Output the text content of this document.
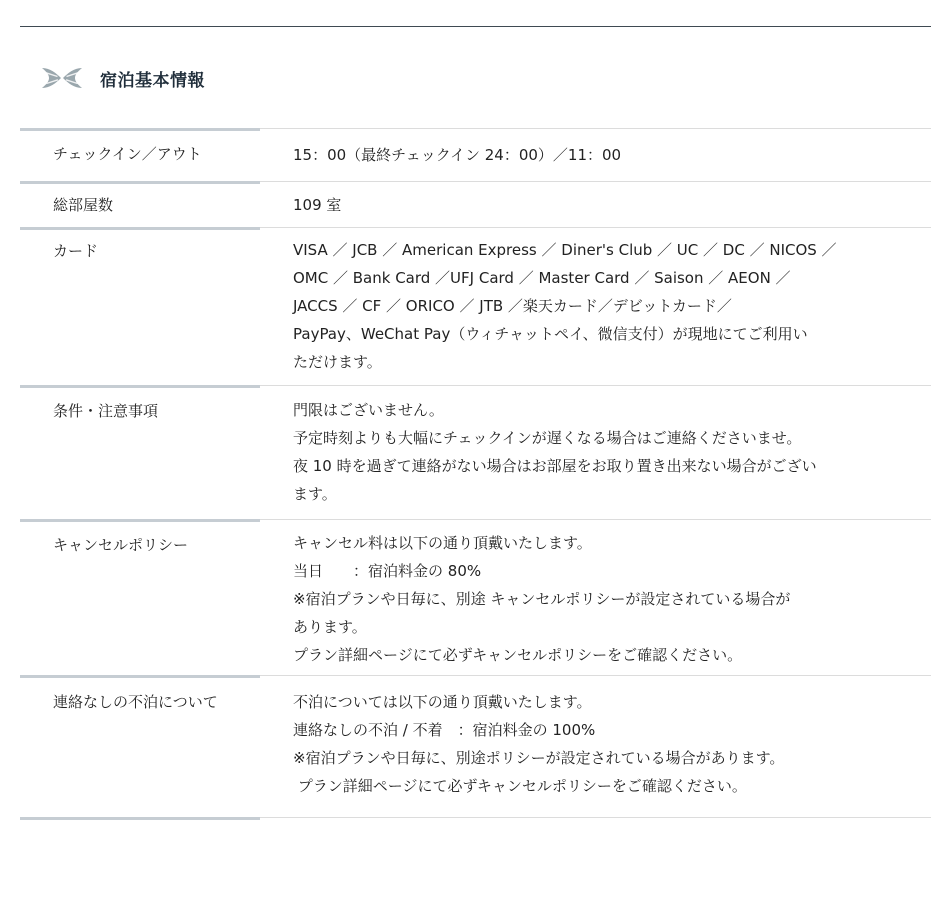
宿泊基本情報
チェックイン／アウト	15：00（最終チェックイン 24：00）／11：00
総部屋数	109 室
カード	VISA ／ JCB ／ American Express ／ Diner's Club ／ UC ／ DC ／ NICOS ／
OMC ／ Bank Card ／UFJ Card ／ Master Card ／ Saison ／ AEON ／
JACCS ／ CF ／ ORICO ／ JTB ／楽天カード／デビットカード／
PayPay、WeChat Pay（ウィチャットペイ、微信支付）が現地にてご利用い
ただけます。
条件・注意事項	門限はございません。
予定時刻よりも大幅にチェックインが遅くなる場合はご連絡くださいませ。
夜 10 時を過ぎて連絡がない場合はお部屋をお取り置き出来ない場合がござい
ます。
キャンセルポリシー	キャンセル料は以下の通り頂戴いたします。
当日　　：宿泊料金の 80%
※宿泊プランや日毎に、別途 キャンセルポリシーが設定されている場合が
あります。
プラン詳細ページにて必ずキャンセルポリシーをご確認ください。
連絡なしの不泊について	不泊については以下の通り頂戴いたします。
連絡なしの不泊 / 不着　：宿泊料金の 100%
※宿泊プランや日毎に、別途ポリシーが設定されている場合があります。
プラン詳細ページにて必ずキャンセルポリシーをご確認ください。
